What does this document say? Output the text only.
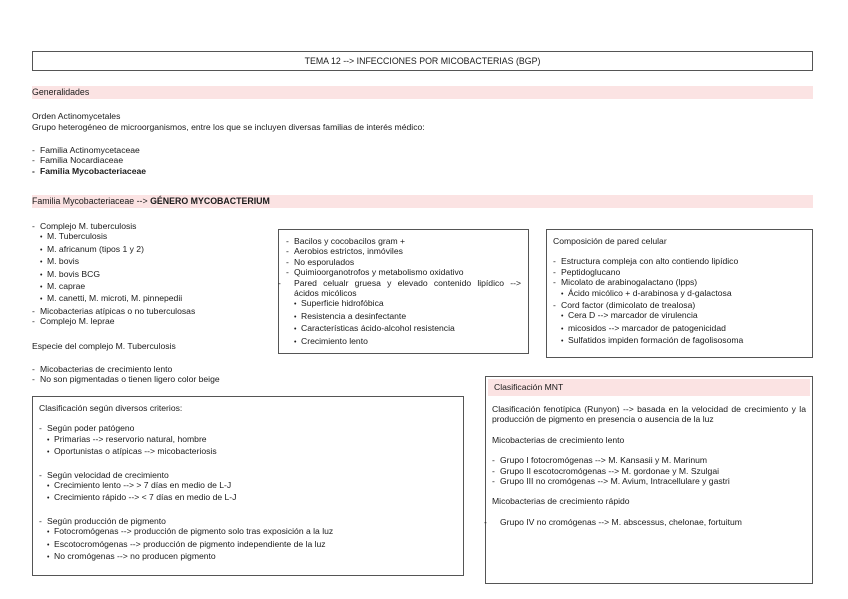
TEMA 12 --> INFECCIONES POR MICOBACTERIAS (BGP)
Generalidades
Orden Actinomycetales
Grupo heterogéneo de microorganismos, entre los que se incluyen diversas familias de interés médico:
- Familia Actinomycetaceae
- Familia Nocardiaceae
- Familia Mycobacteriaceae
Familia Mycobacteriaceae --> GÉNERO MYCOBACTERIUM
- Complejo M. tuberculosis
• M. Tuberculosis
• M. africanum (tipos 1 y 2)
• M. bovis
• M. bovis BCG
• M. caprae
• M. canetti, M. microti, M. pinnepedii
- Micobacterias atípicas o no tuberculosas
- Complejo M. leprae
Especie del complejo M. Tuberculosis
- Micobacterias de crecimiento lento
- No son pigmentadas o tienen ligero color beige
- Bacilos y cocobacilos gram +
- Aerobios estrictos, inmóviles
- No esporulados
- Quimioorganotrofos y metabolismo oxidativo
- Pared celualr gruesa y elevado contenido lipídico --> ácidos micólicos
• Superficie hidrofóbica
• Resistencia a desinfectante
• Características ácido-alcohol resistencia
• Crecimiento lento
Composición de pared celular
- Estructura compleja con alto contiendo lipídico
- Peptidoglucano
- Micolato de arabinogalactano (lpps)
• Ácido micólico + d-arabinosa y d-galactosa
- Cord factor (dimicolato de trealosa)
• Cera D --> marcador de virulencia
• micosidos --> marcador de patogenicidad
• Sulfatidos impiden formación de fagolisosoma
Clasificación según diversos criterios:
- Según poder patógeno
• Primarias --> reservorio natural, hombre
• Oportunistas o atípicas --> micobacteriosis
- Según velocidad de crecimiento
• Crecimiento lento --> > 7 días en medio de L-J
• Crecimiento rápido --> < 7 días en medio de L-J
- Según producción de pigmento
• Fotocromógenas --> producción de pigmento solo tras exposición a la luz
• Escotocromógenas --> producción de pigmento independiente de la luz
• No cromógenas --> no producen pigmento
Clasificación MNT
Clasificación fenotípica (Runyon) --> basada en la velocidad de crecimiento y la producción de pigmento en presencia o ausencia de la luz
Micobacterias de crecimiento lento
- Grupo I fotocromógenas --> M. Kansasii y M. Marinum
- Grupo II escotocromógenas --> M. gordonae y M. Szulgai
- Grupo III no cromógenas --> M. Avium, Intracellulare y gastri
Micobacterias de crecimiento rápido
- Grupo IV no cromógenas --> M. abscessus, chelonae, fortuitum
